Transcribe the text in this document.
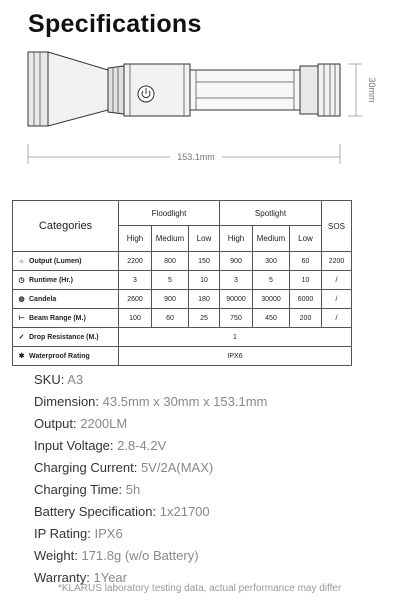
Specifications
30mm
153.1mm
Categories	Floodlight			Spotlight			SOS
	High	Medium	Low	High	Medium	Low	
☼ Output (Lumen)	2200	800	150	900	300	60	2200
◷ Runtime (Hr.)	3	5	10	3	5	10	/
◍ Candela	2600	900	180	90000	30000	6000	/
⊢ Beam Range (M.)	100	60	25	750	450	200	/
✓ Drop Resistance (M.)	1						
✱ Waterproof Rating	IPX6						
SKU: A3
Dimension: 43.5mm x 30mm x 153.1mm
Output: 2200LM
Input Voltage: 2.8-4.2V
Charging Current: 5V/2A(MAX)
Charging Time: 5h
Battery Specification: 1x21700
IP Rating: IPX6
Weight: 171.8g (w/o Battery)
Warranty: 1Year
*KLARUS laboratory testing data, actual performance may differ
